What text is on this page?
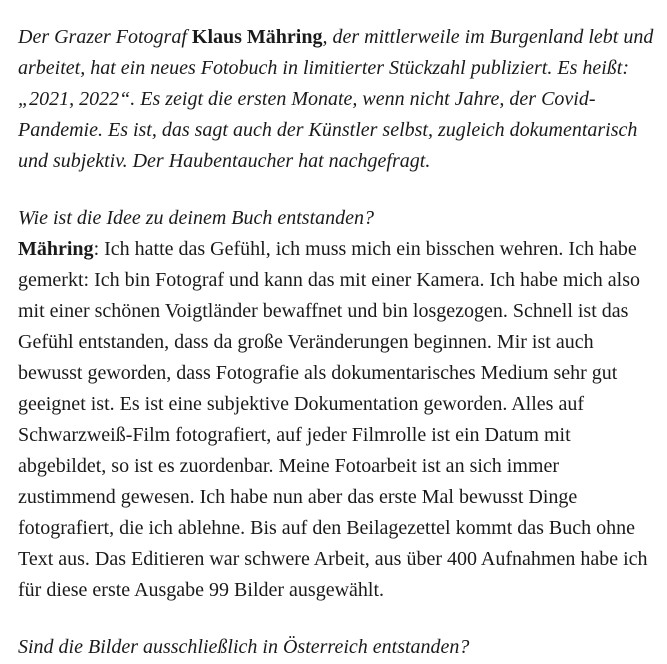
Der Grazer Fotograf Klaus Mähring, der mittlerweile im Burgenland lebt und arbeitet, hat ein neues Fotobuch in limitierter Stückzahl publiziert. Es heißt: „2021, 2022“. Es zeigt die ersten Monate, wenn nicht Jahre, der Covid-Pandemie. Es ist, das sagt auch der Künstler selbst, zugleich dokumentarisch und subjektiv. Der Haubentaucher hat nachgefragt.

Wie ist die Idee zu deinem Buch entstanden?

Mähring: Ich hatte das Gefühl, ich muss mich ein bisschen wehren. Ich habe gemerkt: Ich bin Fotograf und kann das mit einer Kamera. Ich habe mich also mit einer schönen Voigtländer bewaffnet und bin losgezogen. Schnell ist das Gefühl entstanden, dass da große Veränderungen beginnen. Mir ist auch bewusst geworden, dass Fotografie als dokumentarisches Medium sehr gut geeignet ist. Es ist eine subjektive Dokumentation geworden. Alles auf Schwarzweiß-Film fotografiert, auf jeder Filmrolle ist ein Datum mit abgebildet, so ist es zuordenbar. Meine Fotoarbeit ist an sich immer zustimmend gewesen. Ich habe nun aber das erste Mal bewusst Dinge fotografiert, die ich ablehne. Bis auf den Beilagezettel kommt das Buch ohne Text aus. Das Editieren war schwere Arbeit, aus über 400 Aufnahmen habe ich für diese erste Ausgabe 99 Bilder ausgewählt.

Sind die Bilder ausschließlich in Österreich entstanden?
